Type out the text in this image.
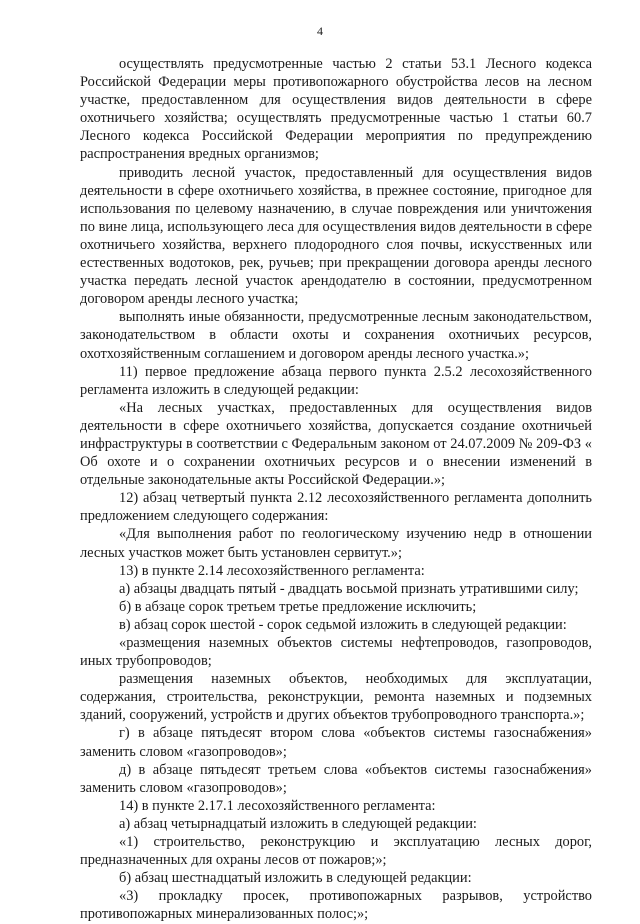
4

осуществлять предусмотренные частью 2 статьи 53.1 Лесного кодекса Российской Федерации меры противопожарного обустройства лесов на лесном участке, предоставленном для осуществления видов деятельности в сфере охотничьего хозяйства; осуществлять предусмотренные частью 1 статьи 60.7 Лесного кодекса Российской Федерации мероприятия по предупреждению распространения вредных организмов;

приводить лесной участок, предоставленный для осуществления видов деятельности в сфере охотничьего хозяйства, в прежнее состояние, пригодное для использования по целевому назначению, в случае повреждения или уничтожения по вине лица, использующего леса для осуществления видов деятельности в сфере охотничьего хозяйства, верхнего плодородного слоя почвы, искусственных или естественных водотоков, рек, ручьев; при прекращении договора аренды лесного участка передать лесной участок арендодателю в состоянии, предусмотренном договором аренды лесного участка;

выполнять иные обязанности, предусмотренные лесным законодательством, законодательством в области охоты и сохранения охотничьих ресурсов, охотхозяйственным соглашением и договором аренды лесного участка.»;

11) первое предложение абзаца первого пункта 2.5.2 лесохозяйственного регламента изложить в следующей редакции:

«На лесных участках, предоставленных для осуществления видов деятельности в сфере охотничьего хозяйства, допускается создание охотничьей инфраструктуры в соответствии с Федеральным законом от 24.07.2009 № 209-ФЗ « Об охоте и о сохранении охотничьих ресурсов и о внесении изменений в отдельные законодательные акты Российской Федерации.»;

12) абзац четвертый пункта 2.12 лесохозяйственного регламента дополнить предложением следующего содержания:

«Для выполнения работ по геологическому изучению недр в отношении лесных участков может быть установлен сервитут.»;

13) в пункте 2.14 лесохозяйственного регламента:

а) абзацы двадцать пятый - двадцать восьмой признать утратившими силу;

б) в абзаце сорок третьем третье предложение исключить;

в) абзац сорок шестой - сорок седьмой изложить в следующей редакции:

«размещения наземных объектов системы нефтепроводов, газопроводов, иных трубопроводов;

размещения наземных объектов, необходимых для эксплуатации, содержания, строительства, реконструкции, ремонта наземных и подземных зданий, сооружений, устройств и других объектов трубопроводного транспорта.»;

г) в абзаце пятьдесят втором слова «объектов системы газоснабжения» заменить словом «газопроводов»;

д) в абзаце пятьдесят третьем слова «объектов системы газоснабжения» заменить словом «газопроводов»;

14) в пункте 2.17.1 лесохозяйственного регламента:

а) абзац четырнадцатый изложить в следующей редакции:

«1) строительство, реконструкцию и эксплуатацию лесных дорог, предназначенных для охраны лесов от пожаров;»;

б) абзац шестнадцатый изложить в следующей редакции:

«3) прокладку просек, противопожарных разрывов, устройство противопожарных минерализованных полос;»;
